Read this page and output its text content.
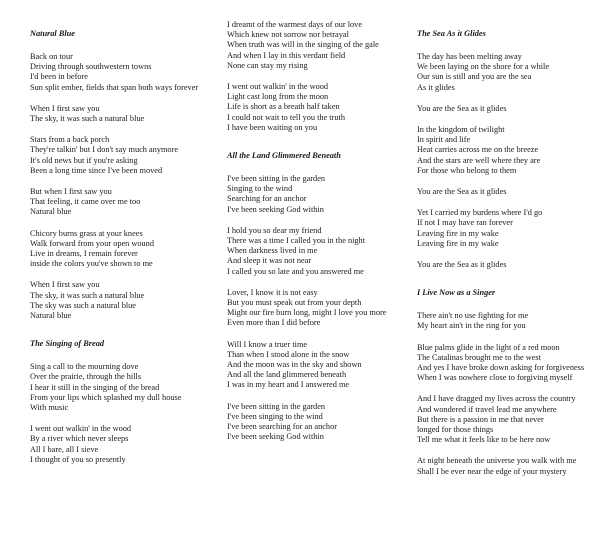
Natural Blue
Back on tour
Driving through southwestern towns
I'd been in before
Sun split ember, fields that span both ways forever
When I first saw you
The sky, it was such a natural blue
Stars from a back porch
They're talkin' but I don't say much anymore
It's old news but if you're asking
Been a long time since I've been moved
But when I first saw you
That feeling, it came over me too
Natural blue
Chicory burns grass at your knees
Walk forward from your open wound
Live in dreams, I remain forever
inside the colors you've shown to me
When I first saw you
The sky, it was such a natural blue
The sky was such a natural blue
Natural blue
The Singing of Bread
Sing a call to the mourning dove
Over the prairie, through the hills
I hear it still in the singing of the bread
From your lips which splashed my dull house
With music
I went out walkin' in the wood
By a river which never sleeps
All I bare, all I sieve
I thought of you so presently
I dreamt of the warmest days of our love
Which knew not sorrow nor betrayal
When truth was will in the singing of the gale
And when I lay in this verdant field
None can stay my rising
I went out walkin' in the wood
Light cast long from the moon
Life is short as a breath half taken
I could not wait to tell you the truth
I have been waiting on you
All the Land Glimmered Beneath
I've been sitting in the garden
Singing to the wind
Searching for an anchor
I've been seeking God within
I hold you so dear my friend
There was a time I called you in the night
When darkness lived in me
And sleep it was not near
I called you so late and you answered me
Lover, I know it is not easy
But you must speak out from your depth
Might our fire burn long, might I love you more
Even more than I did before
Will I know a truer time
Than when I stood alone in the snow
And the moon was in the sky and shown
And all the land glimmered beneath
I was in my heart and I answered me
I've been sitting in the garden
I've been singing to the wind
I've been searching for an anchor
I've been seeking God within
The Sea As it Glides
The day has been melting away
We been laying on the shore for a while
Our sun is still and you are the sea
As it glides
You are the Sea as it glides
In the kingdom of twilight
In spirit and life
Heat carries across me on the breeze
And the stars are well where they are
For those who belong to them
You are the Sea as it glides
Yet I carried my burdens where I'd go
If not I may have ran forever
Leaving fire in my wake
Leaving fire in my wake
You are the Sea as it glides
I Live Now as a Singer
There ain't no use fighting for me
My heart ain't in the ring for you
Blue palms glide in the light of a red moon
The Catalinas brought me to the west
And yes I have broke down asking for forgiveness
When I was nowhere close to forgiving myself
And I have dragged my lives across the country
And wondered if travel lead me anywhere
But there is a passion in me that never
longed for those things
Tell me what it feels like to be here now
At night beneath the universe you walk with me
Shall I be ever near the edge of your mystery
